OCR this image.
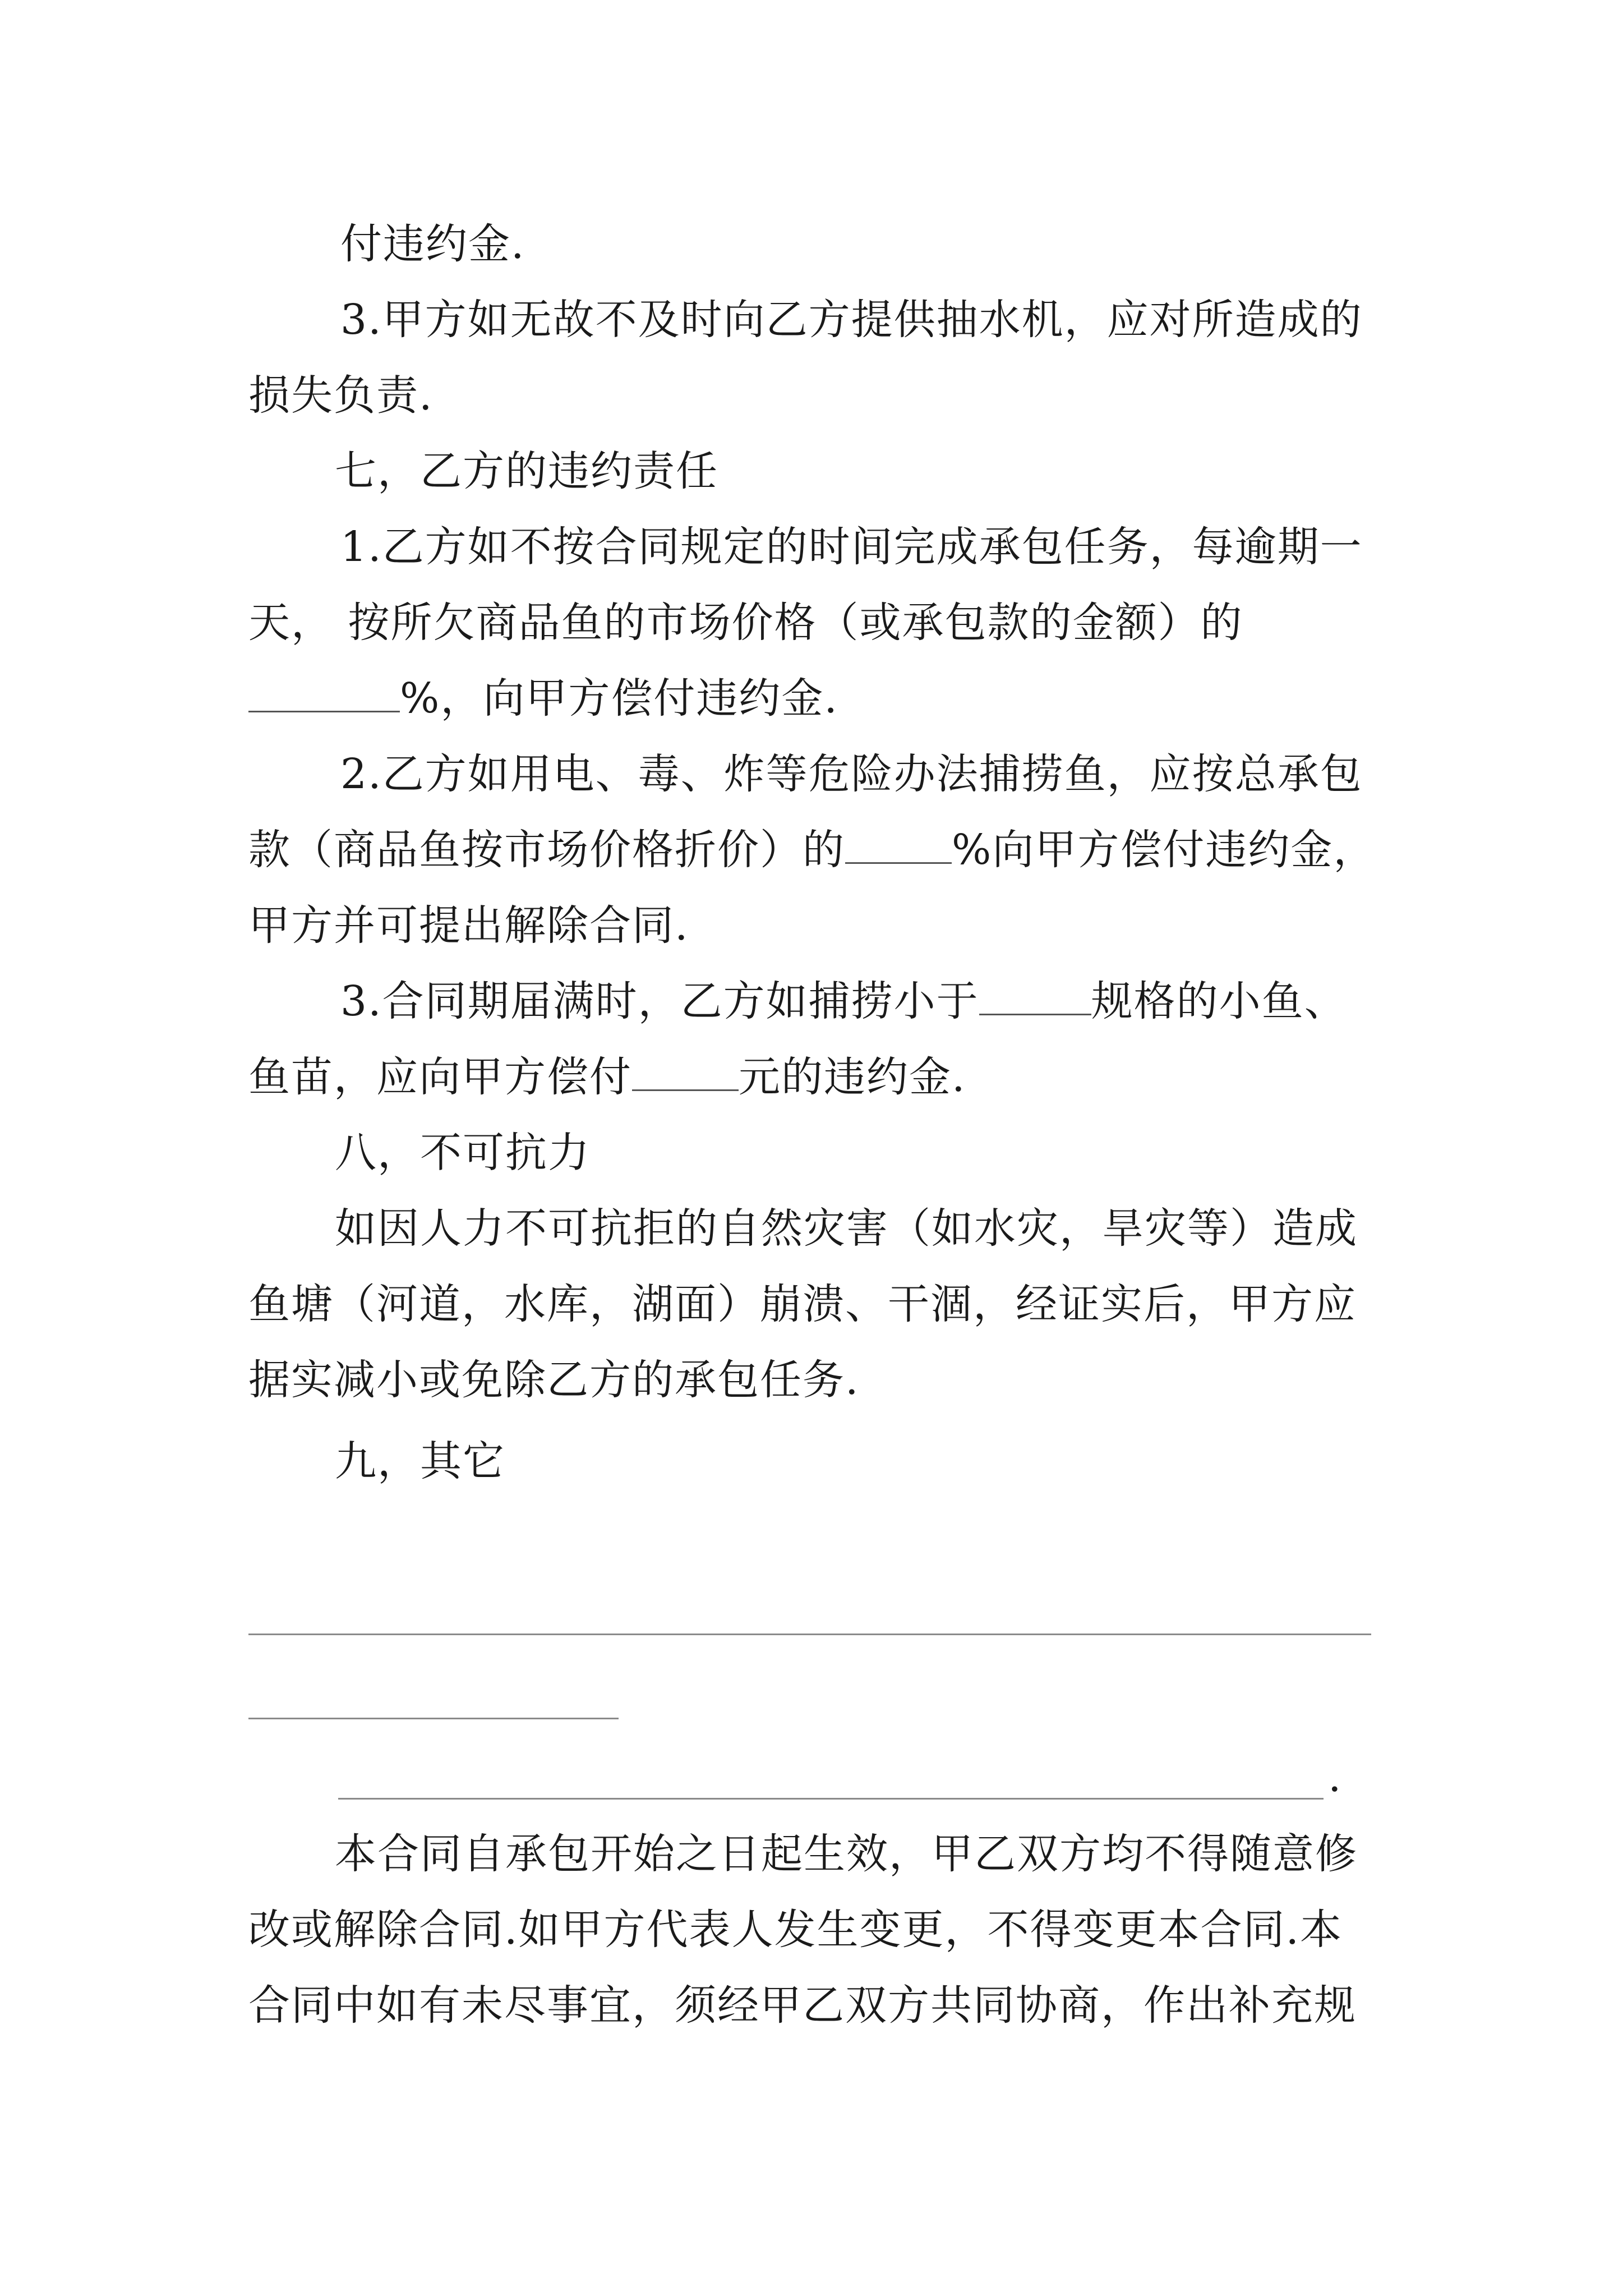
付违约金.
3.甲方如无故不及时向乙方提供抽水机，应对所造成的
损失负责.
七，乙方的违约责任
1.乙方如不按合同规定的时间完成承包任务，每逾期一
天， 按所欠商品鱼的市场价格（或承包款的金额）的
%，向甲方偿付违约金.
2.乙方如用电、毒、炸等危险办法捕捞鱼，应按总承包
款（商品鱼按市场价格折价）的	%向甲方偿付违约金，
甲方并可提出解除合同.
3.合同期届满时，乙方如捕捞小于	规格的小鱼、
鱼苗，应向甲方偿付	元的违约金.
八，不可抗力
如因人力不可抗拒的自然灾害（如水灾，旱灾等）造成
鱼塘（河道，水库，湖面）崩溃、干涸，经证实后，甲方应
据实减小或免除乙方的承包任务.
九，其它
.
本合同自承包开始之日起生效，甲乙双方均不得随意修
改或解除合同.如甲方代表人发生变更，不得变更本合同.本
合同中如有未尽事宜，须经甲乙双方共同协商，作出补充规
